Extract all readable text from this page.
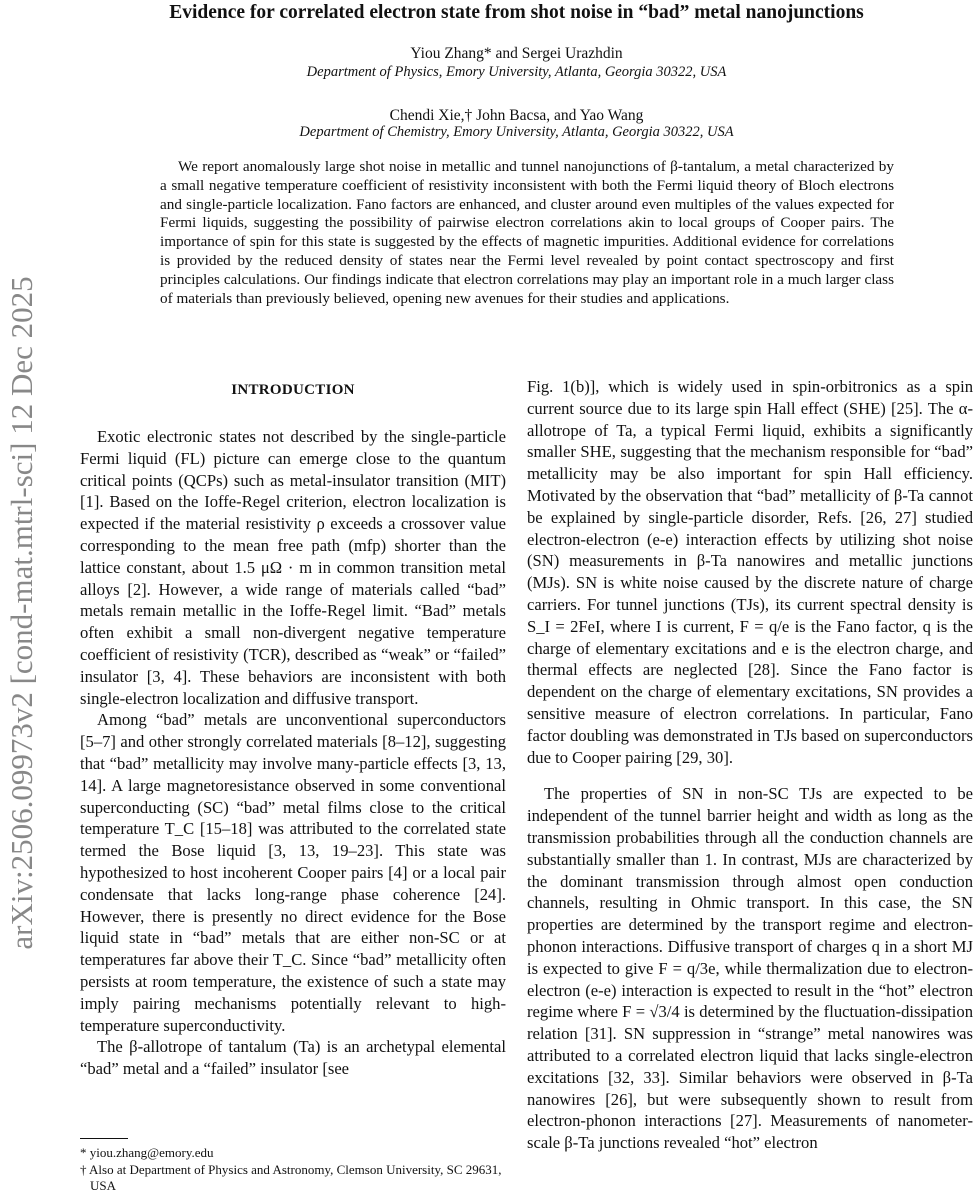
arXiv:2506.09973v2 [cond-mat.mtrl-sci] 12 Dec 2025
Evidence for correlated electron state from shot noise in “bad” metal nanojunctions
Yiou Zhang* and Sergei Urazhdin
Department of Physics, Emory University, Atlanta, Georgia 30322, USA
Chendi Xie,† John Bacsa, and Yao Wang
Department of Chemistry, Emory University, Atlanta, Georgia 30322, USA
We report anomalously large shot noise in metallic and tunnel nanojunctions of β-tantalum, a metal characterized by a small negative temperature coefficient of resistivity inconsistent with both the Fermi liquid theory of Bloch electrons and single-particle localization. Fano factors are enhanced, and cluster around even multiples of the values expected for Fermi liquids, suggesting the possibility of pairwise electron correlations akin to local groups of Cooper pairs. The importance of spin for this state is suggested by the effects of magnetic impurities. Additional evidence for correlations is provided by the reduced density of states near the Fermi level revealed by point contact spectroscopy and first principles calculations. Our findings indicate that electron correlations may play an important role in a much larger class of materials than previously believed, opening new avenues for their studies and applications.
INTRODUCTION

Exotic electronic states not described by the single-particle Fermi liquid (FL) picture can emerge close to the quantum critical points (QCPs) such as metal-insulator transition (MIT) [1]. Based on the Ioffe-Regel criterion, electron localization is expected if the material resistivity ρ exceeds a crossover value corresponding to the mean free path (mfp) shorter than the lattice constant, about 1.5 μΩ · m in common transition metal alloys [2]. However, a wide range of materials called “bad” metals remain metallic in the Ioffe-Regel limit. “Bad” metals often exhibit a small non-divergent negative temperature coefficient of resistivity (TCR), described as “weak” or “failed” insulator [3, 4]. These behaviors are inconsistent with both single-electron localization and diffusive transport.

Among “bad” metals are unconventional superconductors [5–7] and other strongly correlated materials [8–12], suggesting that “bad” metallicity may involve many-particle effects [3, 13, 14]. A large magnetoresistance observed in some conventional superconducting (SC) “bad” metal films close to the critical temperature T_C [15–18] was attributed to the correlated state termed the Bose liquid [3, 13, 19–23]. This state was hypothesized to host incoherent Cooper pairs [4] or a local pair condensate that lacks long-range phase coherence [24]. However, there is presently no direct evidence for the Bose liquid state in “bad” metals that are either non-SC or at temperatures far above their T_C. Since “bad” metallicity often persists at room temperature, the existence of such a state may imply pairing mechanisms potentially relevant to high-temperature superconductivity.

The β-allotrope of tantalum (Ta) is an archetypal elemental “bad” metal and a “failed” insulator [see

* yiou.zhang@emory.edu
† Also at Department of Physics and Astronomy, Clemson University, SC 29631, USA

Fig. 1(b)], which is widely used in spin-orbitronics as a spin current source due to its large spin Hall effect (SHE) [25]. The α-allotrope of Ta, a typical Fermi liquid, exhibits a significantly smaller SHE, suggesting that the mechanism responsible for “bad” metallicity may be also important for spin Hall efficiency. Motivated by the observation that “bad” metallicity of β-Ta cannot be explained by single-particle disorder, Refs. [26, 27] studied electron-electron (e-e) interaction effects by utilizing shot noise (SN) measurements in β-Ta nanowires and metallic junctions (MJs). SN is white noise caused by the discrete nature of charge carriers. For tunnel junctions (TJs), its current spectral density is S_I = 2FeI, where I is current, F = q/e is the Fano factor, q is the charge of elementary excitations and e is the electron charge, and thermal effects are neglected [28]. Since the Fano factor is dependent on the charge of elementary excitations, SN provides a sensitive measure of electron correlations. In particular, Fano factor doubling was demonstrated in TJs based on superconductors due to Cooper pairing [29, 30].

The properties of SN in non-SC TJs are expected to be independent of the tunnel barrier height and width as long as the transmission probabilities through all the conduction channels are substantially smaller than 1. In contrast, MJs are characterized by the dominant transmission through almost open conduction channels, resulting in Ohmic transport. In this case, the SN properties are determined by the transport regime and electron-phonon interactions. Diffusive transport of charges q in a short MJ is expected to give F = q/3e, while thermalization due to electron-electron (e-e) interaction is expected to result in the “hot” electron regime where F = √3/4 is determined by the fluctuation-dissipation relation [31]. SN suppression in “strange” metal nanowires was attributed to a correlated electron liquid that lacks single-electron excitations [32, 33]. Similar behaviors were observed in β-Ta nanowires [26], but were subsequently shown to result from electron-phonon interactions [27]. Measurements of nanometer-scale β-Ta junctions revealed “hot” electron
